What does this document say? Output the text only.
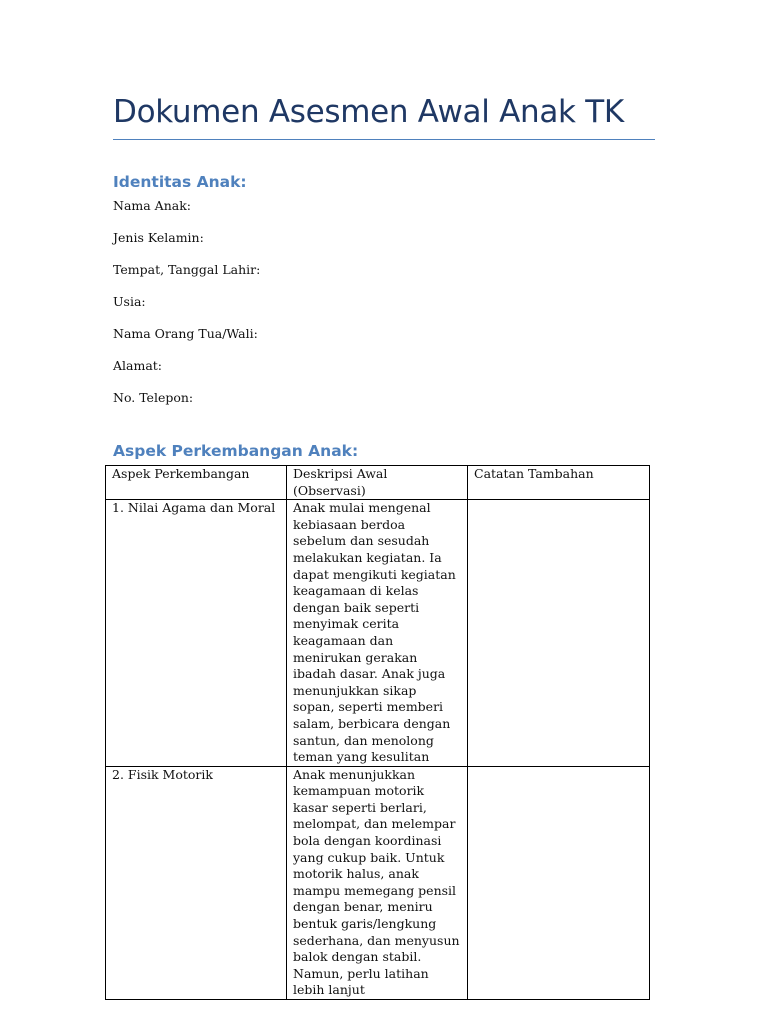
Dokumen Asesmen Awal Anak TK
Identitas Anak:
Nama Anak:
Jenis Kelamin:
Tempat, Tanggal Lahir:
Usia:
Nama Orang Tua/Wali:
Alamat:
No. Telepon:
Aspek Perkembangan Anak:
Aspek Perkembangan	Deskripsi Awal (Observasi)	Catatan Tambahan
1. Nilai Agama dan Moral	Anak mulai mengenal kebiasaan berdoa sebelum dan sesudah melakukan kegiatan. Ia dapat mengikuti kegiatan keagamaan di kelas dengan baik seperti menyimak cerita keagamaan dan menirukan gerakan ibadah dasar. Anak juga menunjukkan sikap sopan, seperti memberi salam, berbicara dengan santun, dan menolong teman yang kesulitan	
2. Fisik Motorik	Anak menunjukkan kemampuan motorik kasar seperti berlari, melompat, dan melempar bola dengan koordinasi yang cukup baik. Untuk motorik halus, anak mampu memegang pensil dengan benar, meniru bentuk garis/lengkung sederhana, dan menyusun balok dengan stabil. Namun, perlu latihan lebih lanjut	
